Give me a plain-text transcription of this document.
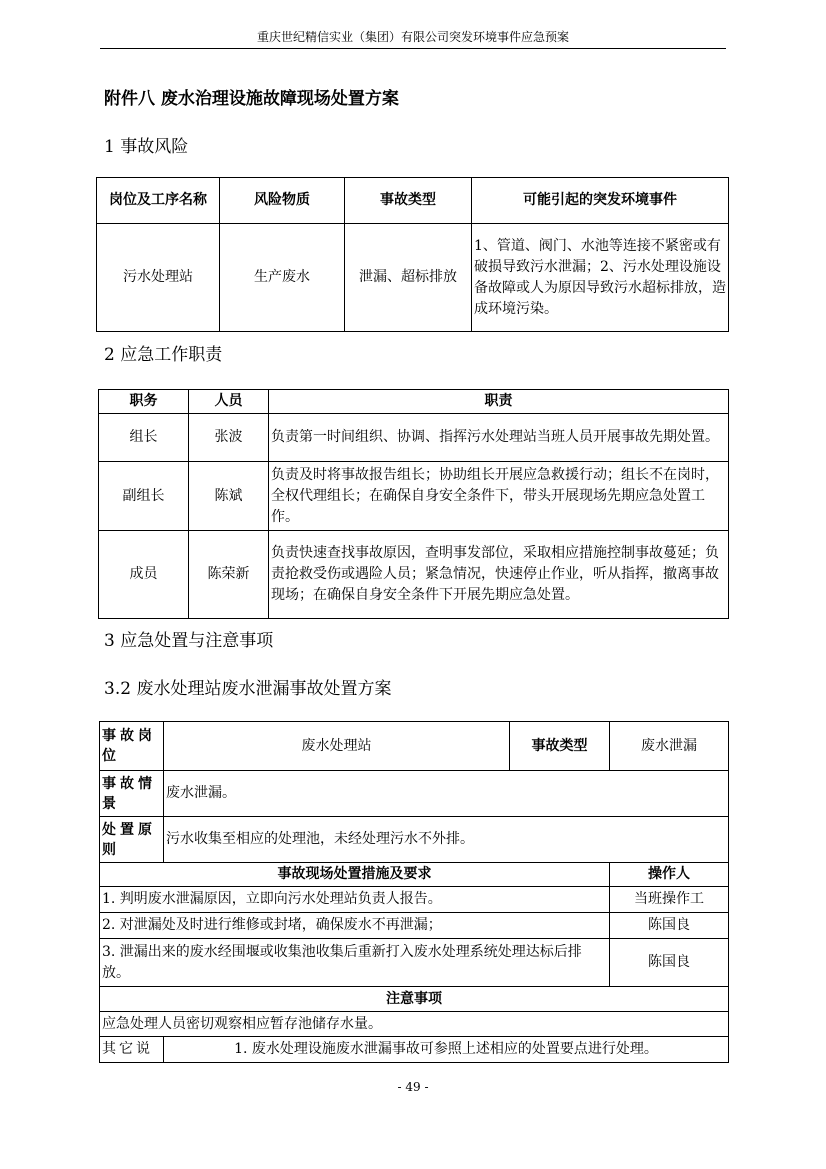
重庆世纪精信实业（集团）有限公司突发环境事件应急预案
附件八 废水治理设施故障现场处置方案
1 事故风险
岗位及工序名称	风险物质	事故类型	可能引起的突发环境事件
污水处理站	生产废水	泄漏、超标排放	1、管道、阀门、水池等连接不紧密或有破损导致污水泄漏；2、污水处理设施设备故障或人为原因导致污水超标排放，造成环境污染。
2 应急工作职责
职务	人员	职责
组长	张波	负责第一时间组织、协调、指挥污水处理站当班人员开展事故先期处置。
副组长	陈斌	负责及时将事故报告组长；协助组长开展应急救援行动；组长不在岗时，全权代理组长；在确保自身安全条件下，带头开展现场先期应急处置工作。
成员	陈荣新	负责快速查找事故原因，查明事发部位，采取相应措施控制事故蔓延；负责抢救受伤或遇险人员；紧急情况，快速停止作业，听从指挥，撤离事故现场；在确保自身安全条件下开展先期应急处置。
3 应急处置与注意事项
3.2 废水处理站废水泄漏事故处置方案
事故岗位	废水处理站	事故类型	废水泄漏
事故情景	废水泄漏。		
处置原则	污水收集至相应的处理池，未经处理污水不外排。		
事故现场处置措施及要求			操作人
1. 判明废水泄漏原因，立即向污水处理站负责人报告。			当班操作工
2. 对泄漏处及时进行维修或封堵，确保废水不再泄漏；			陈国良
3. 泄漏出来的废水经围堰或收集池收集后重新打入废水处理系统处理达标后排放。			陈国良
注意事项			
应急处理人员密切观察相应暂存池储存水量。			
其它说	1. 废水处理设施废水泄漏事故可参照上述相应的处置要点进行处理。		
- 49 -
